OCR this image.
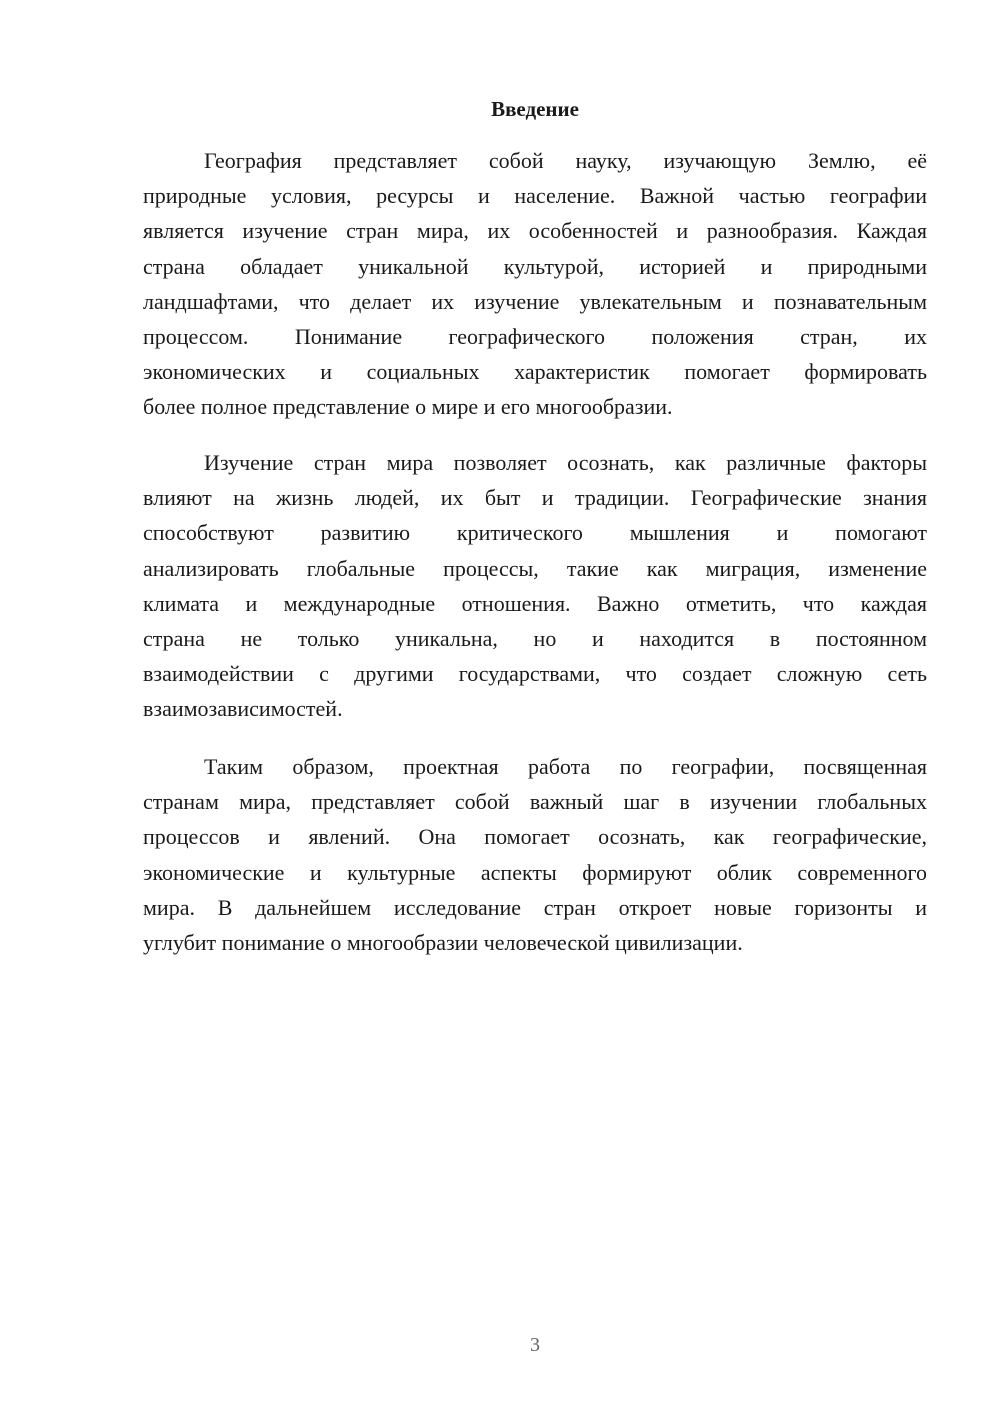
Введение
География представляет собой науку, изучающую Землю, её
природные условия, ресурсы и население. Важной частью географии
является изучение стран мира, их особенностей и разнообразия. Каждая
страна обладает уникальной культурой, историей и природными
ландшафтами, что делает их изучение увлекательным и познавательным
процессом. Понимание географического положения стран, их
экономических и социальных характеристик помогает формировать
более полное представление о мире и его многообразии.
Изучение стран мира позволяет осознать, как различные факторы
влияют на жизнь людей, их быт и традиции. Географические знания
способствуют развитию критического мышления и помогают
анализировать глобальные процессы, такие как миграция, изменение
климата и международные отношения. Важно отметить, что каждая
страна не только уникальна, но и находится в постоянном
взаимодействии с другими государствами, что создает сложную сеть
взаимозависимостей.
Таким образом, проектная работа по географии, посвященная
странам мира, представляет собой важный шаг в изучении глобальных
процессов и явлений. Она помогает осознать, как географические,
экономические и культурные аспекты формируют облик современного
мира. В дальнейшем исследование стран откроет новые горизонты и
углубит понимание о многообразии человеческой цивилизации.
3
